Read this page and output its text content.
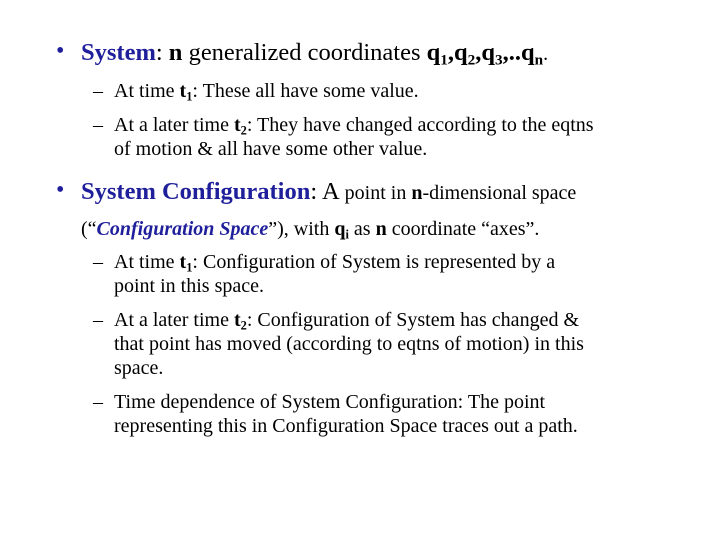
• System: n generalized coordinates $q_1,q_2,q_3,..q_n$.
– At time $t_1$: These all have some value.
– At a later time $t_2$: They have changed according to the eqtns
of motion & all have some other value.
• System Configuration: A point in n-dimensional space
(“Configuration Space”), with $q_i$ as n coordinate “axes”.
– At time $t_1$: Configuration of System is represented by a
point in this space.
– At a later time $t_2$: Configuration of System has changed &
that point has moved (according to eqtns of motion) in this
space.
– Time dependence of System Configuration: The point
representing this in Configuration Space traces out a path.
